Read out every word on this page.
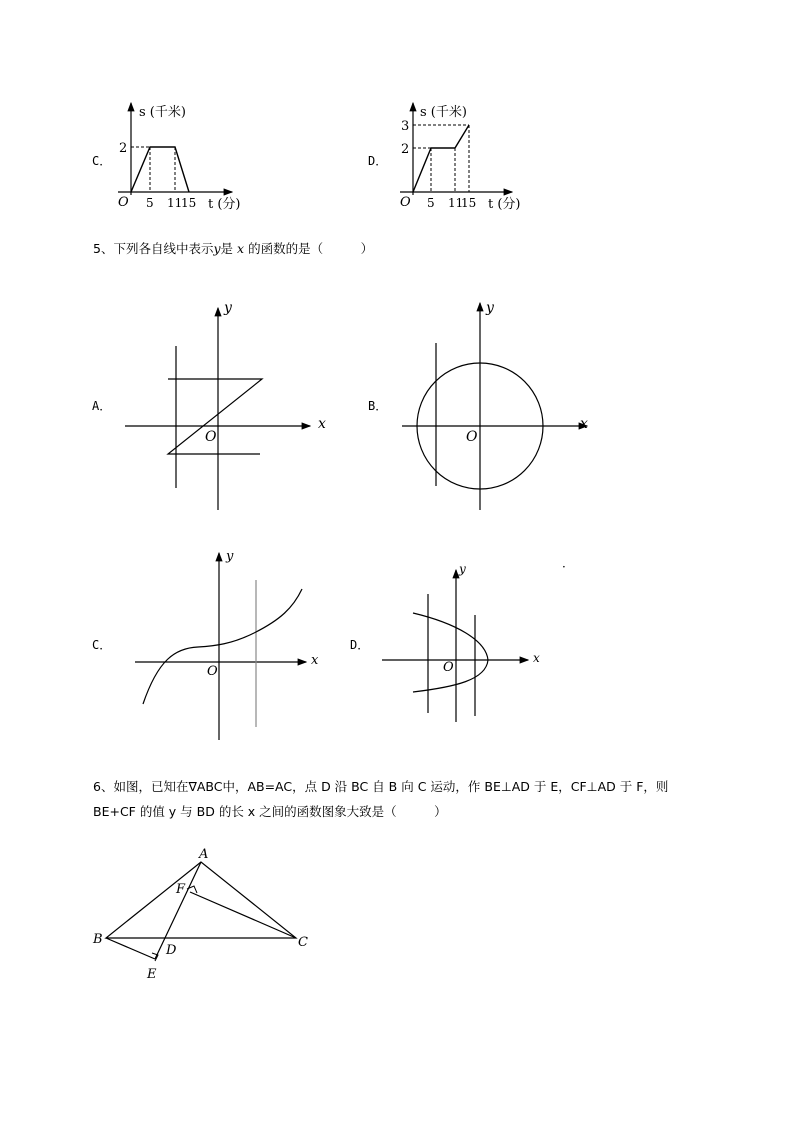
C．
O
2
5 11
15
s (千米)
t (分)
D．
O
3
2
5 11
15
s (千米)
t (分)
5、下列各自线中表示y是 x 的函数的是（　　　	）
A．
x
y
O
B．
x
y
O
C．
x
y
O
D．
x
y
O
·
6、如图，已知在∇ABC中，AB=AC，点 D 沿 BC 自 B 向 C 运动，作 BE⊥AD 于 E，CF⊥AD 于 F，则
BE+CF 的值 y 与 BD 的长 x 之间的函数图象大致是（　　　）
A
B	C
D
E
F
